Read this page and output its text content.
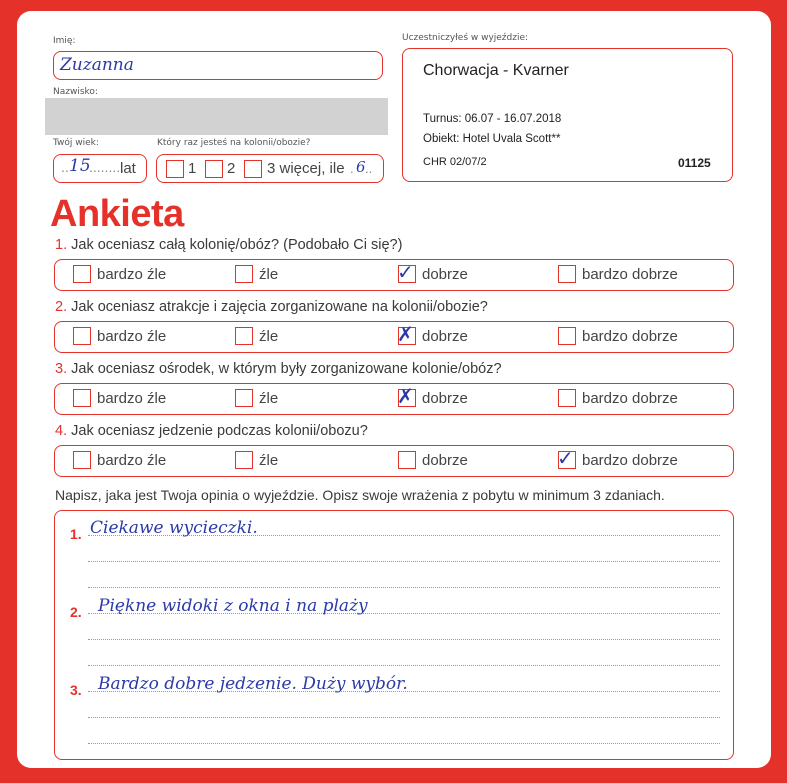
Imię:
Zuzanna
Nazwisko:
Twój wiek:
.. 15
.........
lat
Który raz jesteś na kolonii/obozie?
1 2 3 więcej, ile . 6 ..
Uczestniczyłeś w wyjeździe:
Chorwacja - Kvarner
Turnus: 06.07 - 16.07.2018
Obiekt: Hotel Uvala Scott**
CHR 02/07/2	01125
Ankieta
1. Jak oceniasz całą kolonię/obóz? (Podobało Ci się?)
bardzo źle	źle	✓ dobrze	bardzo dobrze
2. Jak oceniasz atrakcje i zajęcia zorganizowane na kolonii/obozie?
bardzo źle	źle	✗ dobrze	bardzo dobrze
3. Jak oceniasz ośrodek, w którym były zorganizowane kolonie/obóz?
bardzo źle	źle	✗ dobrze	bardzo dobrze
4. Jak oceniasz jedzenie podczas kolonii/obozu?
bardzo źle	źle	dobrze	✓ bardzo dobrze
Napisz, jaka jest Twoja opinia o wyjeździe. Opisz swoje wrażenia z pobytu w minimum 3 zdaniach.
1. Ciekawe wycieczki.
2. Piękne widoki z okna i na plaży
3. Bardzo dobre jedzenie. Duży wybór.
